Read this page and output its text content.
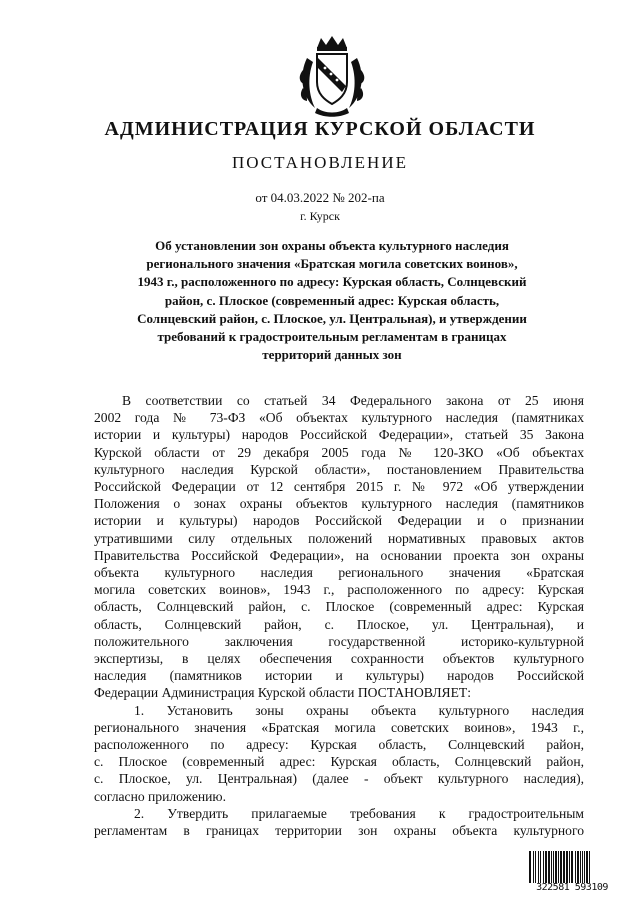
АДМИНИСТРАЦИЯ КУРСКОЙ ОБЛАСТИ
ПОСТАНОВЛЕНИЕ
от 04.03.2022 № 202-па
г. Курск
Об установлении зон охраны объекта культурного наследия
регионального значения «Братская могила советских воинов»,
1943 г., расположенного по адресу: Курская область, Солнцевский
район, с. Плоское (современный адрес: Курская область,
Солнцевский район, с. Плоское, ул. Центральная), и утверждении
требований к градостроительным регламентам в границах
территорий данных зон
В соответствии со статьей 34 Федерального закона от 25 июня
2002 года № 73-ФЗ «Об объектах культурного наследия (памятниках
истории и культуры) народов Российской Федерации», статьей 35 Закона
Курской области от 29 декабря 2005 года № 120-ЗКО «Об объектах
культурного наследия Курской области», постановлением Правительства
Российской Федерации от 12 сентября 2015 г. № 972 «Об утверждении
Положения о зонах охраны объектов культурного наследия (памятников
истории и культуры) народов Российской Федерации и о признании
утратившими силу отдельных положений нормативных правовых актов
Правительства Российской Федерации», на основании проекта зон охраны
объекта культурного наследия регионального значения «Братская
могила советских воинов», 1943 г., расположенного по адресу: Курская
область, Солнцевский район, с. Плоское (современный адрес: Курская
область, Солнцевский район, с. Плоское, ул. Центральная), и
положительного заключения государственной историко-культурной
экспертизы, в целях обеспечения сохранности объектов культурного
наследия (памятников истории и культуры) народов Российской
Федерации Администрация Курской области ПОСТАНОВЛЯЕТ:
1. Установить зоны охраны объекта культурного наследия
регионального значения «Братская могила советских воинов», 1943 г.,
расположенного по адресу: Курская область, Солнцевский район,
с. Плоское (современный адрес: Курская область, Солнцевский район,
с. Плоское, ул. Центральная) (далее - объект культурного наследия),
согласно приложению.
2. Утвердить прилагаемые требования к градостроительным
регламентам в границах территории зон охраны объекта культурного
322581 593109
